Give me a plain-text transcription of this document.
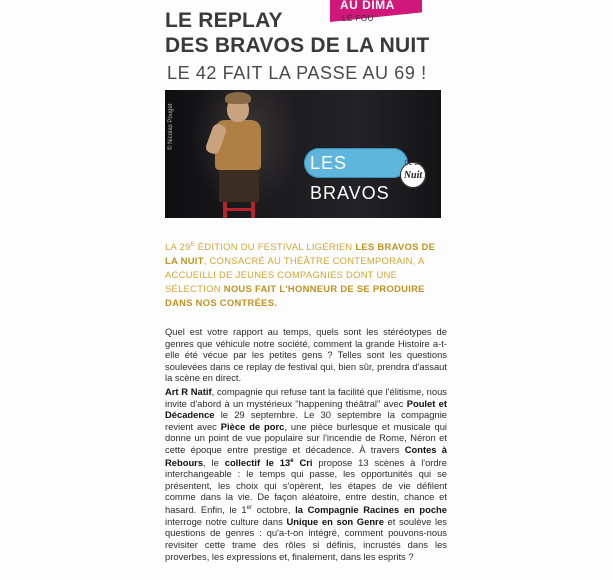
AU DIMA
LE FOU
LE REPLAY
DES BRAVOS DE LA NUIT
LE 42 FAIT LA PASSE AU 69 !
© Nicolas Pouget
LES BRAVOS
DE LA
Nuit
LA $29^E$ ÉDITION DU FESTIVAL LIGÉRIEN LES BRAVOS DE LA NUIT, CONSACRÉ AU THÉÂTRE CONTEMPORAIN, A ACCUEILLI DE JEUNES COMPAGNIES DONT UNE SÉLECTION NOUS FAIT L'HONNEUR DE SE PRODUIRE DANS NOS CONTRÉES.
Quel est votre rapport au temps, quels sont les stéréotypes de genres que véhicule notre société, comment la grande Histoire a-t-elle été vécue par les petites gens ? Telles sont les questions soulevées dans ce replay de festival qui, bien sûr, prendra d'assaut la scène en direct.
Art R Natif, compagnie qui refuse tant la facilité que l'élitisme, nous invite d'abord à un mystérieux "happening théâtral" avec Poulet et Décadence le 29 septembre. Le 30 septembre la compagnie revient avec Pièce de porc, une pièce burlesque et musicale qui donne un point de vue populaire sur l'incendie de Rome, Néron et cette époque entre prestige et décadence. À travers Contes à Rebours, le collectif le 13e Cri propose 13 scènes à l'ordre interchangeable : le temps qui passe, les opportunités qui se présentent, les choix qui s'opèrent, les étapes de vie défilent comme dans la vie. De façon aléatoire, entre destin, chance et hasard. Enfin, le 1er octobre, la Compagnie Racines en poche interroge notre culture dans Unique en son Genre et soulève les questions de genres : qu'a-t-on intégré, comment pouvons-nous revisiter cette trame des rôles si définis, incrustés dans les proverbes, les expressions et, finalement, dans les esprits ?
